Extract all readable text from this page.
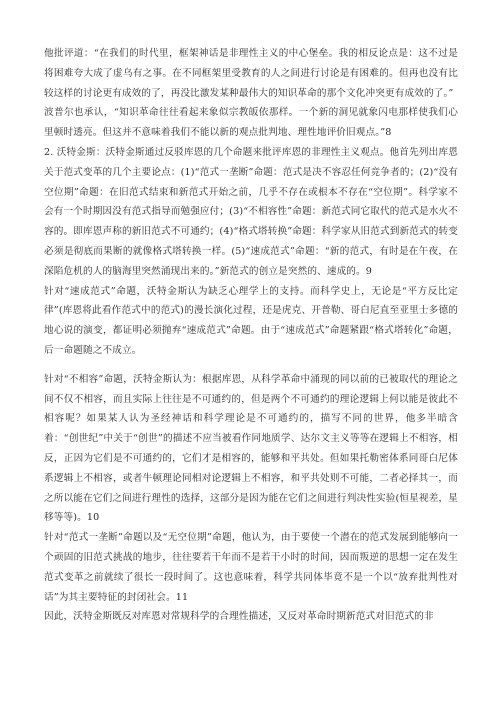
他批评道：“在我们的时代里，框架神话是非理性主义的中心堡垒。我的相反论点是：这不过是将困难夸大成了虚乌有之事。在不同框架里受教育的人之间进行讨论是有困难的。但再也没有比较这样的讨论更有成效的了，再没比激发某种最伟大的知识革命的那个文化冲突更有成效的了。”

波普尔也承认，“知识革命往往看起来象似宗教皈依那样。一个新的洞见就象闪电那样使我们心里顿时透亮。但这并不意味着我们不能以新的观点批判地、理性地评价旧观点。”8

2. 沃特金斯：沃特金斯通过反驳库恩的几个命题来批评库恩的非理性主义观点。他首先列出库恩关于范式变革的几个主要论点：(1)“范式一垄断”命题：范式是决不容忍任何竞争者的；(2)“没有空位期”命题：在旧范式结束和新范式开始之前，几乎不存在或根本不存在“空位期”。科学家不会有一个时期因没有范式指导而勉强应付；(3)“不相容性”命题：新范式同它取代的范式是水火不容的。即库恩声称的新旧范式不可通约；(4)“格式塔转换”命题：科学家从旧范式到新范式的转变必须是彻底而果断的就像格式塔转换一样。(5)“速成范式”命题：“新的范式，有时是在午夜，在深陷危机的人的脑海里突然涌现出来的。”新范式的创立是突然的、速成的。9

针对“速成范式”命题，沃特金斯认为缺乏心理学上的支持。而科学史上，无论是“平方反比定律”(库恩将此看作范式中的范式)的漫长演化过程，还是虎克、开普勒、哥白尼直至亚里士多德的地心说的演变，都证明必须抛弃“速成范式”命题。由于“速成范式”命题紧跟“格式塔转化”命题，后一命题随之不成立。

针对“不相容”命题，沃特金斯认为：根据库恩，从科学革命中涌现的同以前的已被取代的理论之间不仅不相容，而且实际上往往是不可通约的，但是两个不可通约的理论逻辑上何以能是彼此不相容呢？如果某人认为圣经神话和科学理论是不可通约的，描写不同的世界，他多半暗含着：“创世纪”中关于“创世”的描述不应当被看作同地质学、达尔文主义等等在逻辑上不相容，相反，正因为它们是不可通约的，它们才是相容的，能够和平共处。但如果托勒密体系同哥白尼体系逻辑上不相容，或者牛顿理论同相对论逻辑上不相容，和平共处则不可能，二者必择其一，而之所以能在它们之间进行理性的选择，这部分是因为能在它们之间进行判决性实验(恒星视差，星移等等)。10

针对“范式一垄断”命题以及“无空位期”命题，他认为，由于要使一个潜在的范式发展到能够向一个顽固的旧范式挑战的地步，往往要若干年而不是若干小时的时间，因而叛逆的思想一定在发生范式变革之前就续了很长一段时间了。这也意味着，科学共同体毕竟不是一个以“放弃批判性对话”为其主要特征的封闭社会。11

因此，沃特金斯既反对库恩对常规科学的合理性描述，又反对革命时期新范式对旧范式的非
